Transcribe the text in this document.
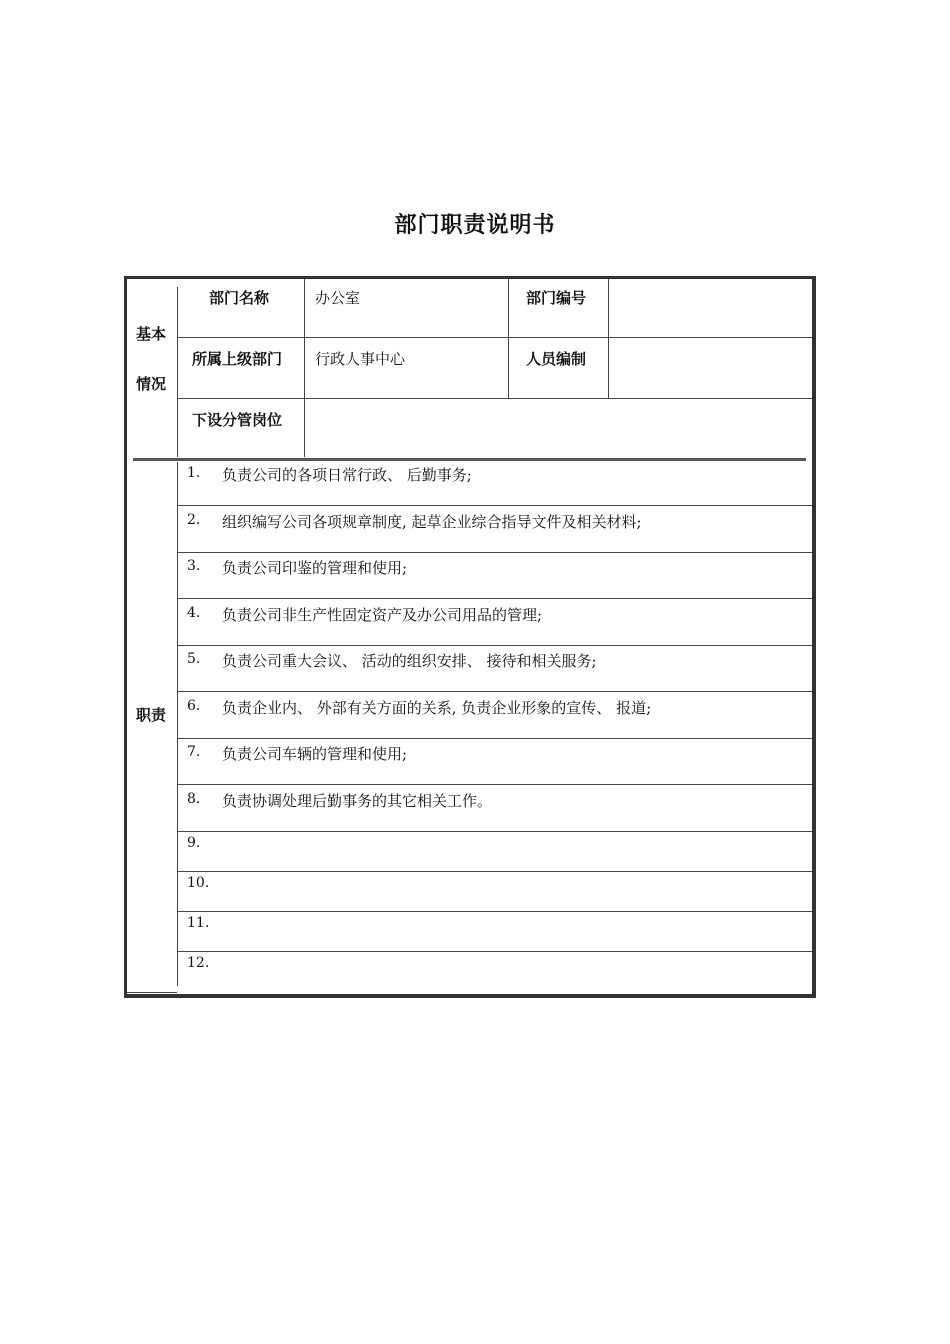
部门职责说明书
基本
情况
部门名称	办公室	部门编号
所属上级部门 行政人事中心	人员编制
下设分管岗位
职责
1. 负责公司的各项日常行政、 后勤事务;
2. 组织编写公司各项规章制度, 起草企业综合指导文件及相关材料;
3. 负责公司印鉴的管理和使用;
4. 负责公司非生产性固定资产及办公司用品的管理;
5. 负责公司重大会议、 活动的组织安排、 接待和相关服务;
6. 负责企业内、 外部有关方面的关系, 负责企业形象的宣传、 报道;
7. 负责公司车辆的管理和使用;
8. 负责协调处理后勤事务的其它相关工作。
9.
10.
11.
12.
